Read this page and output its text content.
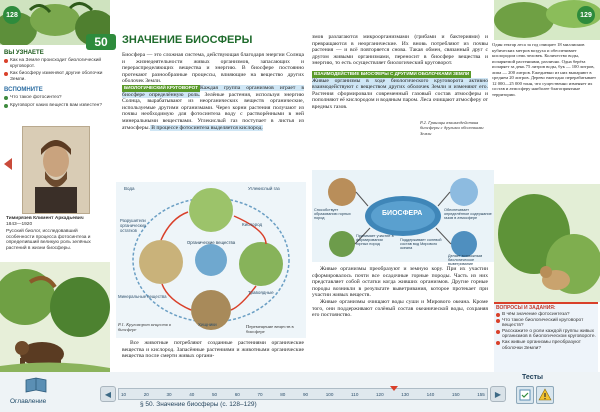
128
ВЫ УЗНАЕТЕ
Как на Земле происходит биологический круговорот.
Как биосферу изменяют другие оболочки Земли.
ВСПОМНИТЕ
Что такое фотосинтез?
Круговорот каких веществ вам известен?
Тимирязев Климент Аркадьевич
1843—1920
Русский биолог, исследовавший особенности процесса фотосинтеза и определивший великую роль зелёных растений в жизни биосферы.
50	ЗНАЧЕНИЕ БИОСФЕРЫ
Биосфера — это сложная система, действующая благодаря энергии Солнца и жизнедеятельности живых организмов, запасающих и перераспределяющих вещества и энергию. В биосфере постоянно протекают разнообразные процессы, влияющие на вещество других оболочек Земли.
БИОЛОГИЧЕСКИЙ КРУГОВОРОТ Каждая группа организмов играет в биосфере определённую роль. Зелёные растения, используя энергию Солнца, вырабатывают из неорганических веществ органические, используемые другими организмами. Через корни растения получают из почвы необходимую для фотосинтеза воду с растворёнными в ней минеральными веществами. Углекислый газ поступает в листья из атмосферы. В процессе фотосинтеза выделяется кислород.
Вода	Углекислый газ
Кислород
Органические вещества
Минеральные вещества
Хищники
Травоядные
Разрушители органических остатков
Р.1. Круговорот веществ в биосфере
Перемещение веществ в биосфере
Все животные потребляют созданные растениями органические вещества и кислород. Запасённые растениями и животными органические вещества после смерти живых органи-
змов разлагаются микроорганизмами (грибами и бактериями) и превращаются в неорганические. Их вновь потребляют из почвы растения — и всё повторяется снова. Такая обмен, связанный друг с другом живыми организмами, переносит в биосфере вещества и энергию, то есть осуществляет биологический круговорот.
ВЗАИМОДЕЙСТВИЕ БИОСФЕРЫ С ДРУГИМИ ОБОЛОЧКАМИ ЗЕМЛИ
Живые организмы в ходе биологического круговорота активно взаимодействуют с веществом других оболочек Земли и изменяют его. Растения сформировали современный газовый состав атмосферы и пополняют её кислородом и водяным паром. Леса очищают атмосферу от вредных газов.
БИОСФЕРА
Способствует образованию горных пород
Обеспечивает определённое содержание газов в атмосфере
Принимает участие в формировании горных пород
Поддерживает солевой состав вод Мирового океана
Делает возможным биологическое выветривание
Р.2. Границы взаимодействия биосферы с другими оболочками Земли
Живые организмы преобразуют и земную кору. При их участии сформировалось почти все осадочные горные породы. Часть из них представляет собой остатки когда живших организмов. Другие горные породы возникли в результате выветривания, которое протекает при участии живых веществ.
Живые организмы очищают воды суши и Мирового океана. Кроме того, они поддерживают солёный состав океанической воды, сохраняя его постоянство.
129
Один гектар леса за год очищает 18 миллионов кубических метров воздуха и обеспечивает кислородом семь человек. Количество воды, испаряемой растениями, различно. Одна берёза испаряет за день 75 литров воды, бук — 100 литров, липа — 200 литров. Ежедневно из них выпаряют в среднем 20 литров. Дерево ежегодно перерабатывает 12 000—25 000 тонн, что существенно изменяет их состав и атмосферу наиболее благоприятные территории.
ВОПРОСЫ И ЗАДАНИЯ:
В чём значение фотосинтеза?
Что такое биологический круговорот веществ?
Расскажите о роли каждой группы живых организмов в биологическом круговороте.
Как живые организмы преобразуют оболочки Земли?
Оглавление
10	20	30	40	50	60	70	80	90	100	110	120	130	140	150	155
◀	▶
§ 50. Значение биосферы (с. 128–129)
Тесты
